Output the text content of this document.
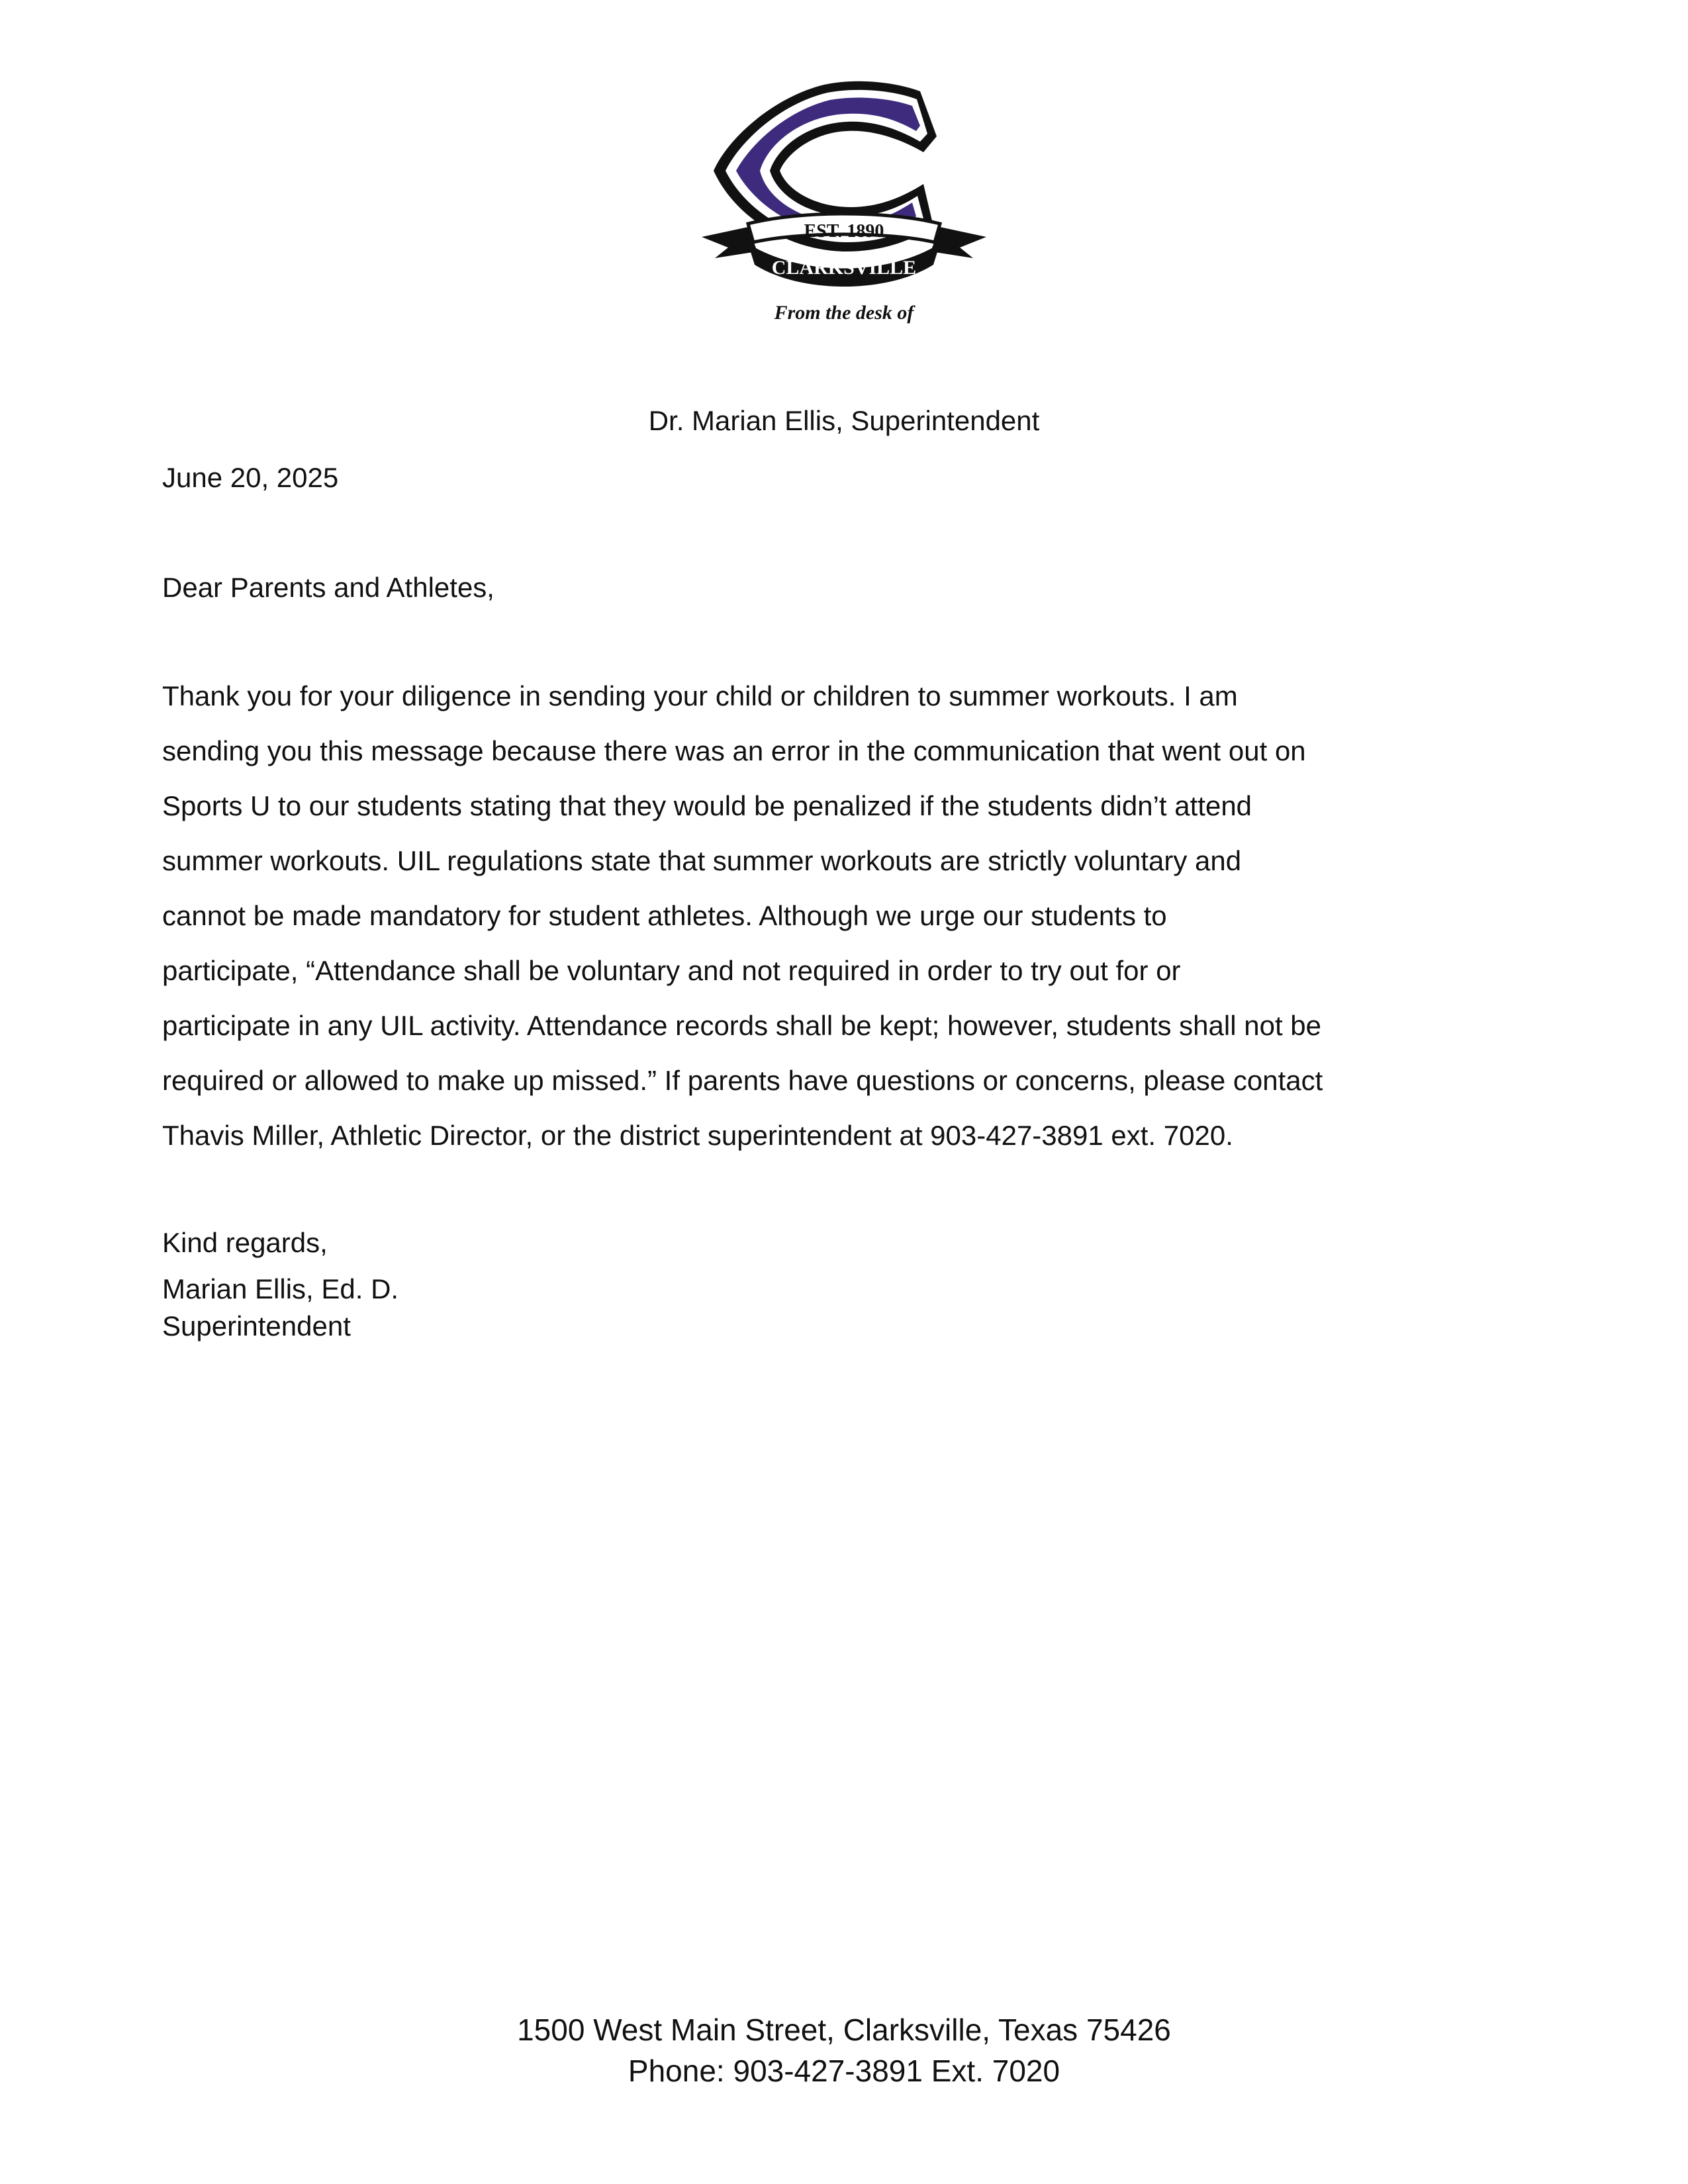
EST. 1890
CLARKSVILLE
From the desk of
Dr. Marian Ellis, Superintendent
June 20, 2025
Dear Parents and Athletes,
Thank you for your diligence in sending your child or children to summer workouts. I am
sending you this message because there was an error in the communication that went out on
Sports U to our students stating that they would be penalized if the students didn’t attend
summer workouts. UIL regulations state that summer workouts are strictly voluntary and
cannot be made mandatory for student athletes. Although we urge our students to
participate, “Attendance shall be voluntary and not required in order to try out for or
participate in any UIL activity. Attendance records shall be kept; however, students shall not be
required or allowed to make up missed.” If parents have questions or concerns, please contact
Thavis Miller, Athletic Director, or the district superintendent at 903-427-3891 ext. 7020.
Kind regards,
Marian Ellis, Ed. D.
Superintendent
1500 West Main Street, Clarksville, Texas 75426
Phone: 903-427-3891 Ext. 7020
